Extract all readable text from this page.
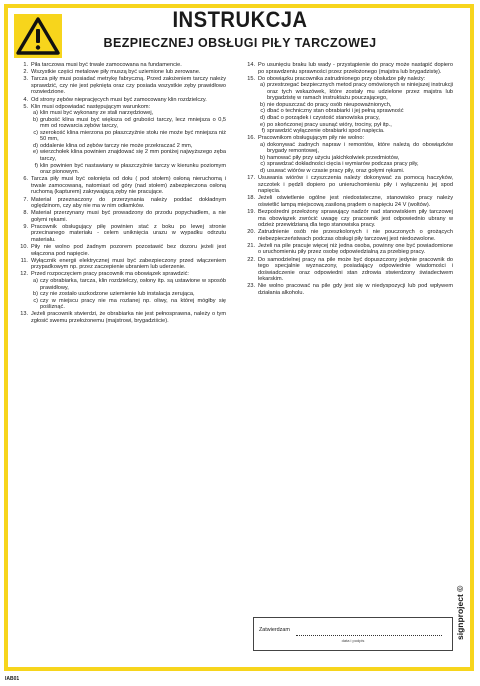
INSTRUKCJA
BEZPIECZNEJ OBSŁUGI PIŁY TARCZOWEJ
1. Piła tarczowa musi być trwale zamocowana na fundamencie.
2. Wszystkie części metalowe piły muszą być uziemione lub zerowane.
3. Tarcza piły musi posiadać metrykę fabryczną. Przed założeniem tarczy należy sprawdzić, czy nie jest pęknięta oraz czy posiada wszystkie zęby prawidłowo rozwiedzione.
4. Od strony zębów niepracjęcych musi być zamocowany klin rozdzielczy.
5. Klin musi odpowiadać następującym warunkom:
a) klin musi być wykonany ze stali narzędziowej,
b) grubość klina musi być większa od grubości tarczy, lecz mniejsza o 0,5 mm od rozwarcia zębów tarczy,
c) szerokość klina mierzona po płaszczyźnie stołu nie może być mniejsza niż 50 mm,
d) oddalenie klina od zębów tarczy nie może przekraczać 2 mm,
e) wierzchołek klina powinien znajdować się 2 mm poniżej najwyższego zęba tarczy,
f) klin powinien być nastawiany w płaszczyźnie tarczy w kierunku poziomym oraz pionowym.
6. Tarcza piły musi być osłonięta od dołu ( pod stołem) osłoną nieruchomą i trwale zamocowaną, natomiast od góry (nad stołem) zabezpieczona osłoną ruchomą (kapturem) zakrywającą zęby nie pracujące.
7. Materiał przeznaczony do przerzynania należy poddać dokładnym oględzinom, czy aby nie ma w nim odłamków.
8. Materiał przerzynany musi być prowadzony do przodu popychadłem, a nie gołymi rękami.
9. Pracownik obsługujący piłę powinien stać z boku po lewej stronie przecinanego materiału - celem uniknięcia urazu w wypadku odrzutu materiału.
10. Piły nie wolno pod żadnym pozorem pozostawić bez dozoru jeżeli jest włączona pod napięcie.
11. Wyłącznik energii elektrycznej musi być zabezpieczony przed włączeniem przypadkowym np. przez zaczepienie ubraniem lub uderzenie.
12. Przed rozpoczęciem pracy pracownik ma obowiązek sprawdzić:
a) czy obrabiarka, tarcza, klin rozdzielczy, osłony itp. są ustawione w sposób prawidłowy,
b) czy nie zostało uszkodzone uziemienie lub instalacja zerująca,
c) czy w miejscu pracy nie ma rozlanej np. oliwy, na której mógłby się pośliznąć.
13. Jeżeli pracownik stwierdzi, że obrabiarka nie jest pełnosprawna, należy o tym zgłosić swemu przełożonemu (majstrowi, brygadziście).
14. Po usunięciu braku lub wady - przystąpienie do pracy może nastąpić dopiero po sprawdzeniu sprawności przez przełożonego (majstra lub brygadzistę).
15. Do obowiązku pracownika zatrudnionego przy obsłudze piły należy:
a) przestrzegać bezpiecznych metod pracy omówionych w niniejszej instrukcji oraz tych wskazówek, które zostały mu udzielone przez majstra lub brygadzistę w ramach instruktażu pouczającego,
b) nie dopuszczać do pracy osób nieupoważnionych,
c) dbać o techniczny stan obrabiarki i jej pełną sprawność
d) dbać o porządek i czystość stanowiska pracy,
e) po skończonej pracy usunąć wióry, trociny, pył itp.,
f) sprawdzić wyłączenie obrabiarki spod napięcia.
16. Pracownikom obsługującym piły nie wolno:
a) dokonywać żadnych napraw i remontów, które należą do obowiązków brygady remontowej,
b) hamować piły przy użyciu jakichkolwiek przedmiotów,
c) sprawdzać dokładności cięcia i wymiarów podczas pracy piły,
d) usuwać wiórów w czasie pracy piły, oraz gołymi rękami.
17. Usuwania wiórów i czyszczenia należy dokonywać za pomocą haczyków, szczotek i pędzli dopiero po unieruchomieniu piły i wyłączeniu jej spod napięcia.
18. Jeżeli oświetlenie ogólne jest niedostateczne, stanowisko pracy należy oświetlić lampą miejscową zasiloną prądem o napięciu 24 V (woltów).
19. Bezpośredni przełożony sprawujący nadzór nad stanowiskiem piły tarczowej ma obowiązek zwrócić uwagę czy pracownik jest odpowiednio ubrany w odzież przewidzianą dla tego stanowiska pracy.
20. Zatrudnienie osób nie przeszkolonych i nie pouczonych o grożących niebezpieczeństwach podczas obsługi piły tarczowej jest niedozwolone.
21. Jeżeli na pile pracuje więcej niż jedna osoba, powinny one być powiadomione o uruchomieniu piły przez osobę odpowiedzialną za przebieg pracy.
22. Do samodzielnej pracy na pile może być dopuszczony jedynie pracownik do tego specjalnie wyznaczony, posiadający odpowiednie wiadomości i doświadczenie oraz odpowiedni stan zdrowia stwierdzony świadectwem lekarskim.
23. Nie wolno pracować na pile gdy jest się w niedyspozycji lub pod wpływem działania alkoholu.
Zatwierdzam
data i podpis
IAB01
signproject ©
